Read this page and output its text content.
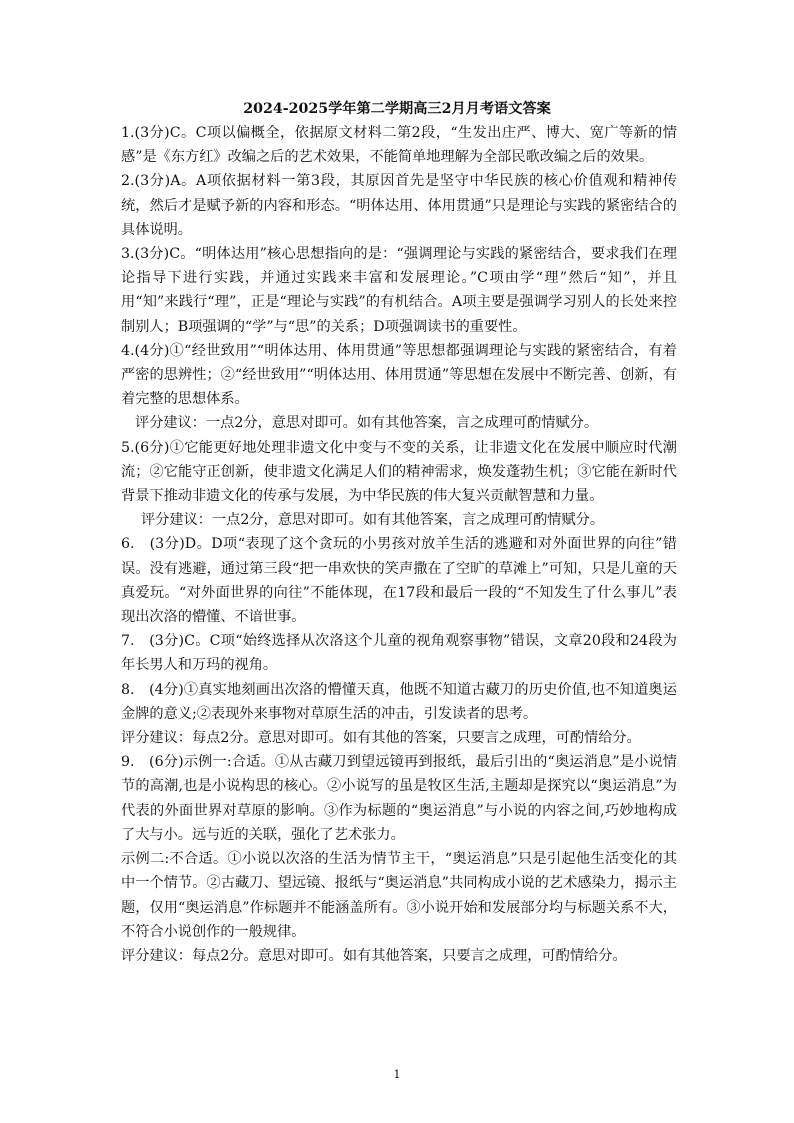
2024-2025学年第二学期高三2月月考语文答案

1.(3分)C。C项以偏概全，依据原文材料二第2段，“生发出庄严、博大、宽广等新的情感”是《东方红》改编之后的艺术效果，不能简单地理解为全部民歌改编之后的效果。

2.(3分)A。A项依据材料一第3段，其原因首先是坚守中华民族的核心价值观和精神传统，然后才是赋予新的内容和形态。“明体达用、体用贯通”只是理论与实践的紧密结合的具体说明。

3.(3分)C。“明体达用”核心思想指向的是：“强调理论与实践的紧密结合，要求我们在理论指导下进行实践，并通过实践来丰富和发展理论。”C项由学“理”然后“知”，并且用“知”来践行“理”，正是“理论与实践”的有机结合。A项主要是强调学习别人的长处来控制别人；B项强调的“学”与“思”的关系；D项强调读书的重要性。

4.(4分)①“经世致用”“明体达用、体用贯通”等思想都强调理论与实践的紧密结合，有着严密的思辨性；②“经世致用”“明体达用、体用贯通”等思想在发展中不断完善、创新，有着完整的思想体系。

评分建议：一点2分，意思对即可。如有其他答案，言之成理可酌情赋分。

5.(6分)①它能更好地处理非遗文化中变与不变的关系，让非遗文化在发展中顺应时代潮流；②它能守正创新，使非遗文化满足人们的精神需求，焕发蓬勃生机；③它能在新时代背景下推动非遗文化的传承与发展，为中华民族的伟大复兴贡献智慧和力量。

评分建议：一点2分，意思对即可。如有其他答案，言之成理可酌情赋分。

6.　(3分)D。D项“表现了这个贪玩的小男孩对放羊生活的逃避和对外面世界的向往”错误。没有逃避，通过第三段“把一串欢快的笑声撒在了空旷的草滩上”可知，只是儿童的天真爱玩。“对外面世界的向往”不能体现，在17段和最后一段的“不知发生了什么事儿”表现出次洛的懵懂、不谙世事。

7.　(3分)C。C项“始终选择从次洛这个儿童的视角观察事物”错误，文章20段和24段为年长男人和万玛的视角。

8.　(4分)①真实地刻画出次洛的懵懂天真，他既不知道古藏刀的历史价值,也不知道奥运金牌的意义;②表现外来事物对草原生活的冲击，引发读者的思考。

评分建议：每点2分。意思对即可。如有其他的答案，只要言之成理，可酌情给分。

9.　(6分)示例一:合适。①从古藏刀到望远镜再到报纸，最后引出的“奥运消息”是小说情节的高潮,也是小说构思的核心。②小说写的虽是牧区生活,主题却是探究以“奥运消息”为代表的外面世界对草原的影响。③作为标题的“奥运消息”与小说的内容之间,巧妙地构成了大与小。远与近的关联，强化了艺术张力。

示例二:不合适。①小说以次洛的生活为情节主干，“奥运消息”只是引起他生活变化的其中一个情节。②古藏刀、望远镜、报纸与“奥运消息”共同构成小说的艺术感染力，揭示主题，仅用“奥运消息”作标题并不能涵盖所有。③小说开始和发展部分均与标题关系不大，不符合小说创作的一般规律。

评分建议：每点2分。意思对即可。如有其他答案，只要言之成理，可酌情给分。

1
